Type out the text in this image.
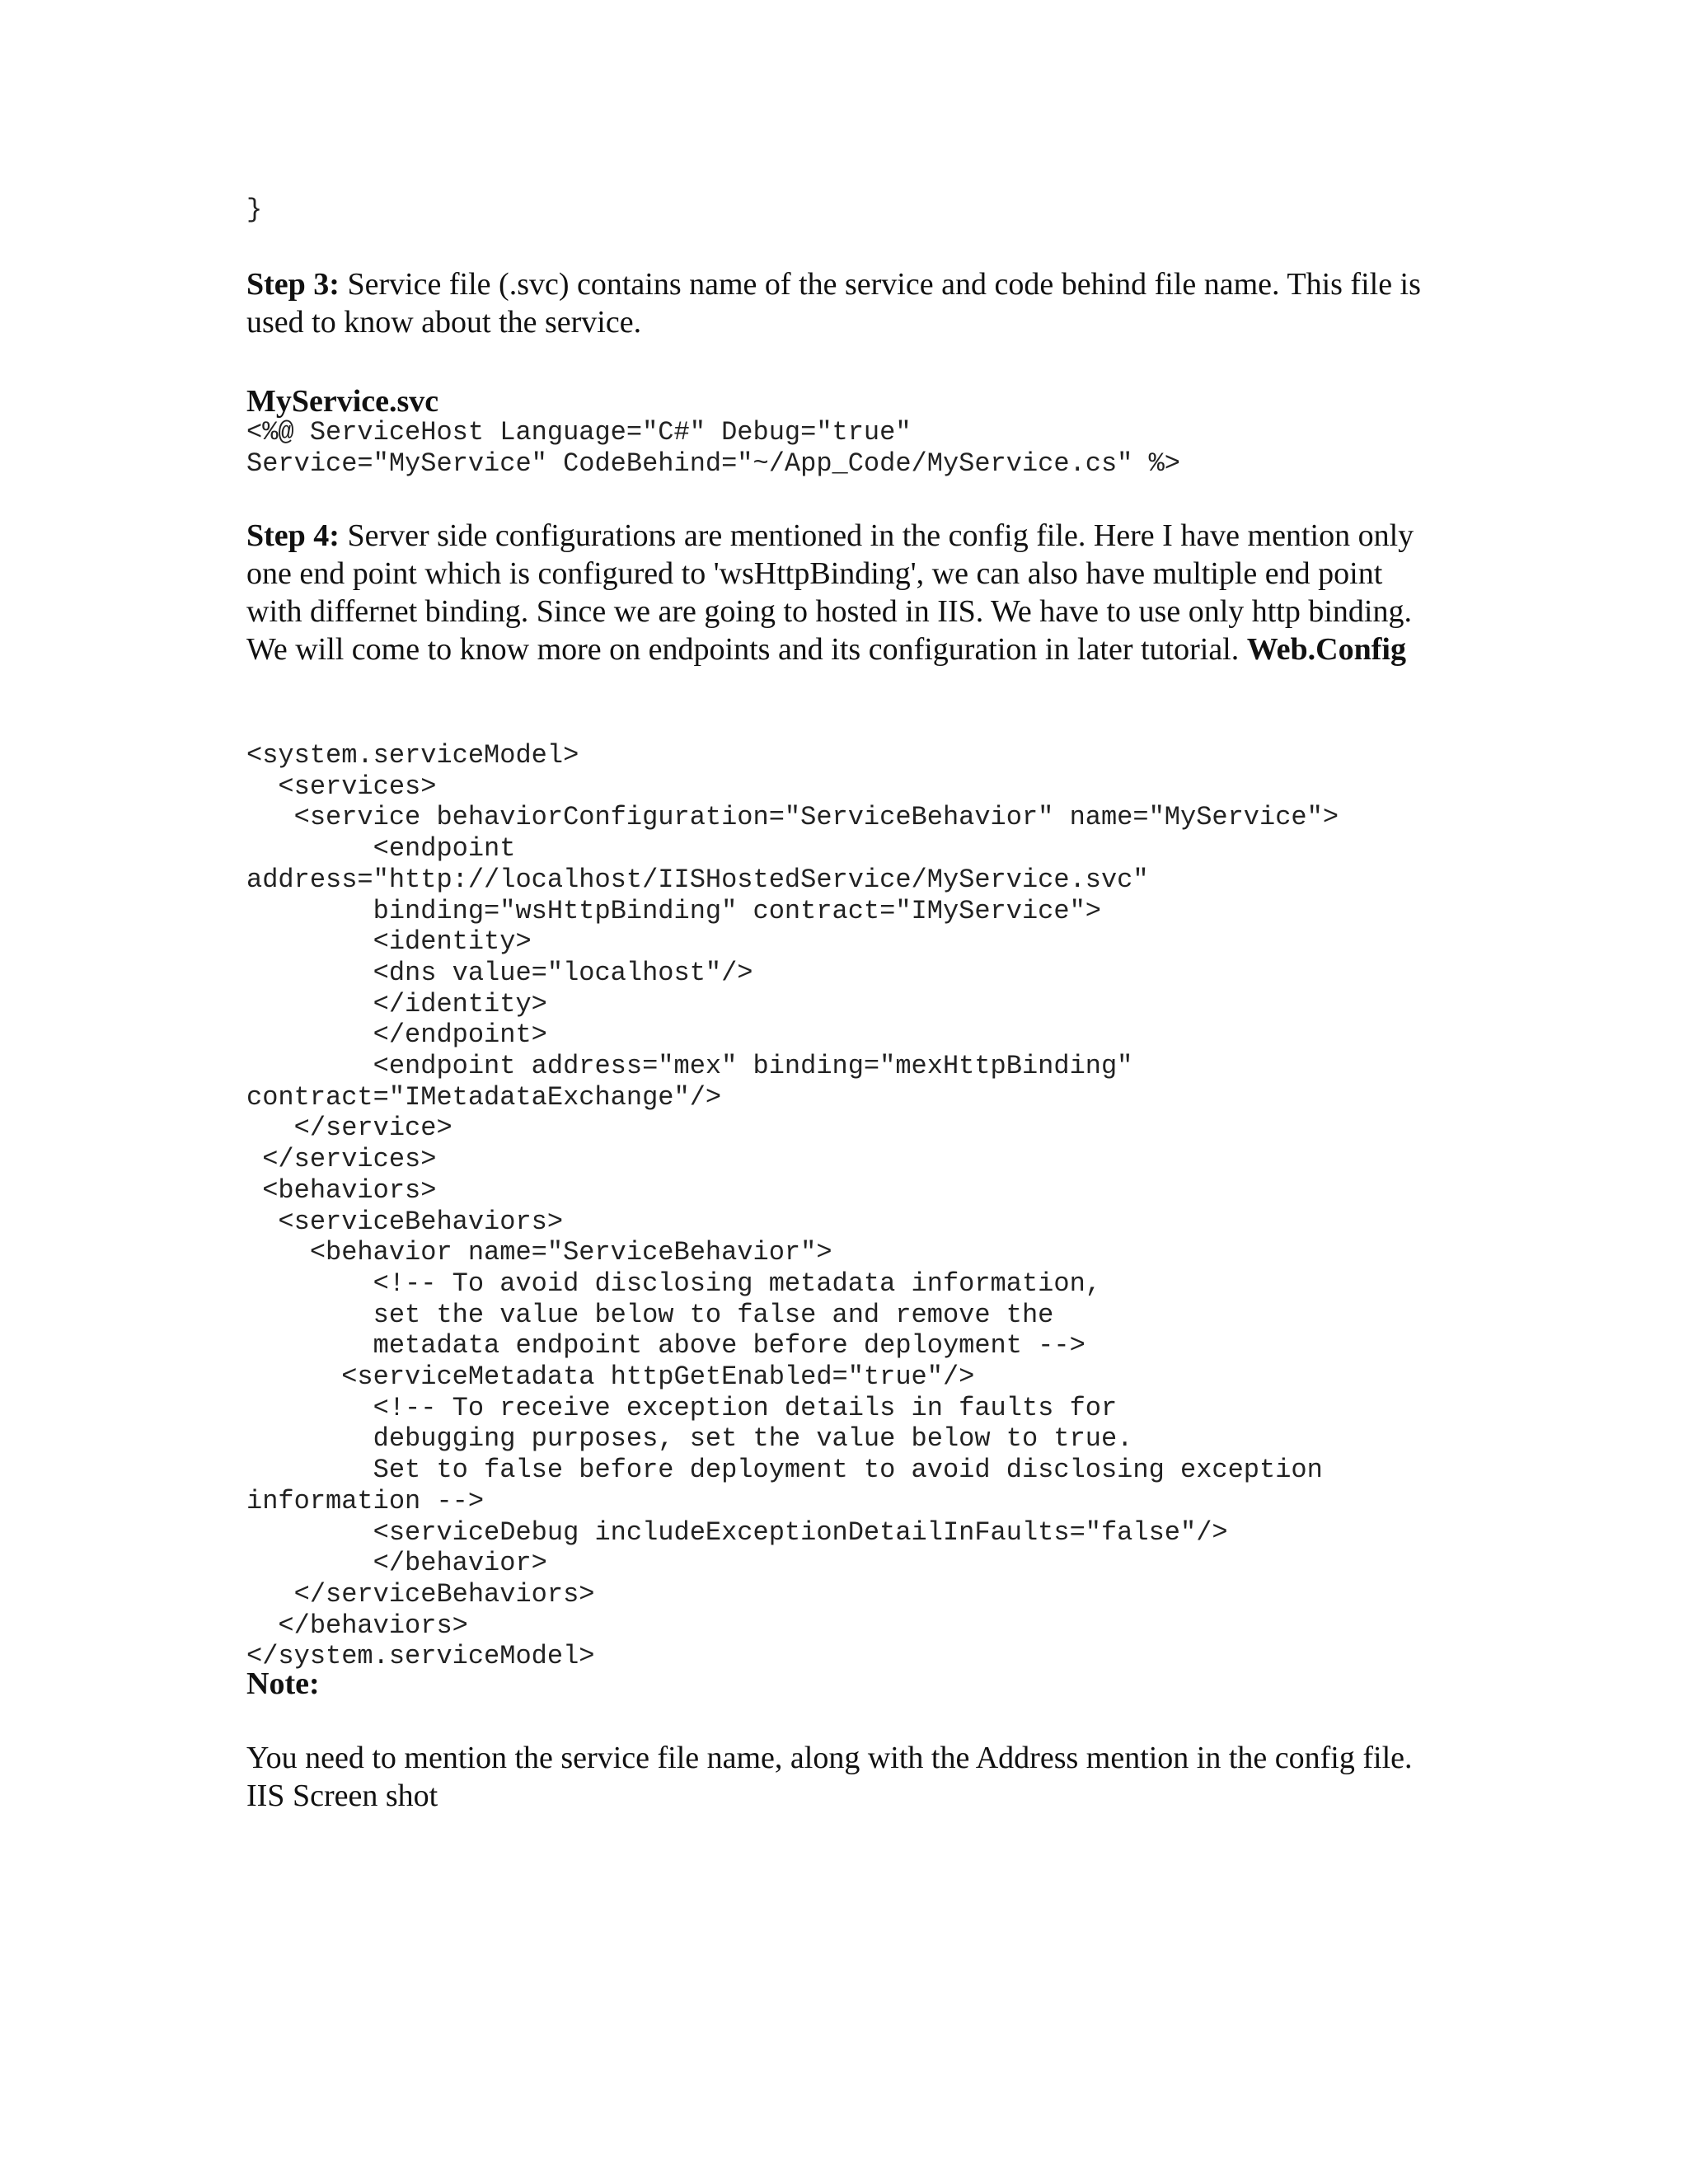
}

Step 3: Service file (.svc) contains name of the service and code behind file name. This file is used to know about the service.

MyService.svc

<%@ ServiceHost Language="C#" Debug="true"
Service="MyService" CodeBehind="~/App_Code/MyService.cs" %>

Step 4: Server side configurations are mentioned in the config file. Here I have mention only one end point which is configured to 'wsHttpBinding', we can also have multiple end point with differnet binding. Since we are going to hosted in IIS. We have to use only http binding. We will come to know more on endpoints and its configuration in later tutorial. Web.Config

<system.serviceModel>
<services>
<service behaviorConfiguration="ServiceBehavior" name="MyService">
<endpoint
address="http://localhost/IISHostedService/MyService.svc"
binding="wsHttpBinding" contract="IMyService">
<identity>
<dns value="localhost"/>
</identity>
</endpoint>
<endpoint address="mex" binding="mexHttpBinding"
contract="IMetadataExchange"/>
</service>
</services>
<behaviors>
<serviceBehaviors>
<behavior name="ServiceBehavior">
<!-- To avoid disclosing metadata information,
set the value below to false and remove the
metadata endpoint above before deployment -->
<serviceMetadata httpGetEnabled="true"/>
<!-- To receive exception details in faults for
debugging purposes, set the value below to true.
Set to false before deployment to avoid disclosing exception
information -->
<serviceDebug includeExceptionDetailInFaults="false"/>
</behavior>
</serviceBehaviors>
</behaviors>
</system.serviceModel>

Note:

You need to mention the service file name, along with the Address mention in the config file. IIS Screen shot
